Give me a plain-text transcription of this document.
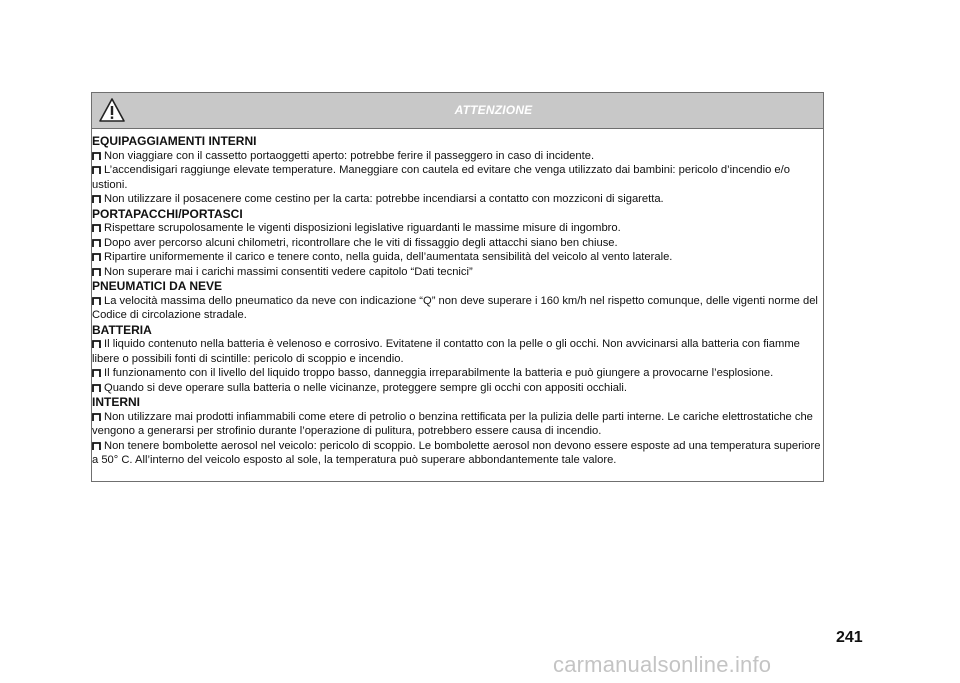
ATTENZIONE
EQUIPAGGIAMENTI INTERNI
Non viaggiare con il cassetto portaoggetti aperto: potrebbe ferire il passeggero in caso di incidente.
L’accendisigari raggiunge elevate temperature. Maneggiare con cautela ed evitare che venga utilizzato dai bambini: pericolo d’incendio e/o ustioni.
Non utilizzare il posacenere come cestino per la carta: potrebbe incendiarsi a contatto con mozziconi di sigaretta.
PORTAPACCHI/PORTASCI
Rispettare scrupolosamente le vigenti disposizioni legislative riguardanti le massime misure di ingombro.
Dopo aver percorso alcuni chilometri, ricontrollare che le viti di fissaggio degli attacchi siano ben chiuse.
Ripartire uniformemente il carico e tenere conto, nella guida, dell’aumentata sensibilità del veicolo al vento laterale.
Non superare mai i carichi massimi consentiti vedere capitolo “Dati tecnici”
PNEUMATICI DA NEVE
La velocità massima dello pneumatico da neve con indicazione “Q” non deve superare i 160 km/h nel rispetto comunque, delle vigenti norme del Codice di circolazione stradale.
BATTERIA
Il liquido contenuto nella batteria è velenoso e corrosivo. Evitatene il contatto con la pelle o gli occhi. Non avvicinarsi alla batteria con fiamme libere o possibili fonti di scintille: pericolo di scoppio e incendio.
Il funzionamento con il livello del liquido troppo basso, danneggia irreparabilmente la batteria e può giungere a provocarne l’esplosione.
Quando si deve operare sulla batteria o nelle vicinanze, proteggere sempre gli occhi con appositi occhiali.
INTERNI
Non utilizzare mai prodotti infiammabili come etere di petrolio o benzina rettificata per la pulizia delle parti interne. Le cariche elettrostatiche che vengono a generarsi per strofinio durante l’operazione di pulitura, potrebbero essere causa di incendio.
Non tenere bombolette aerosol nel veicolo: pericolo di scoppio. Le bombolette aerosol non devono essere esposte ad una temperatura superiore a 50° C. All’interno del veicolo esposto al sole, la temperatura può superare abbondantemente tale valore.
241
carmanualsonline.info
